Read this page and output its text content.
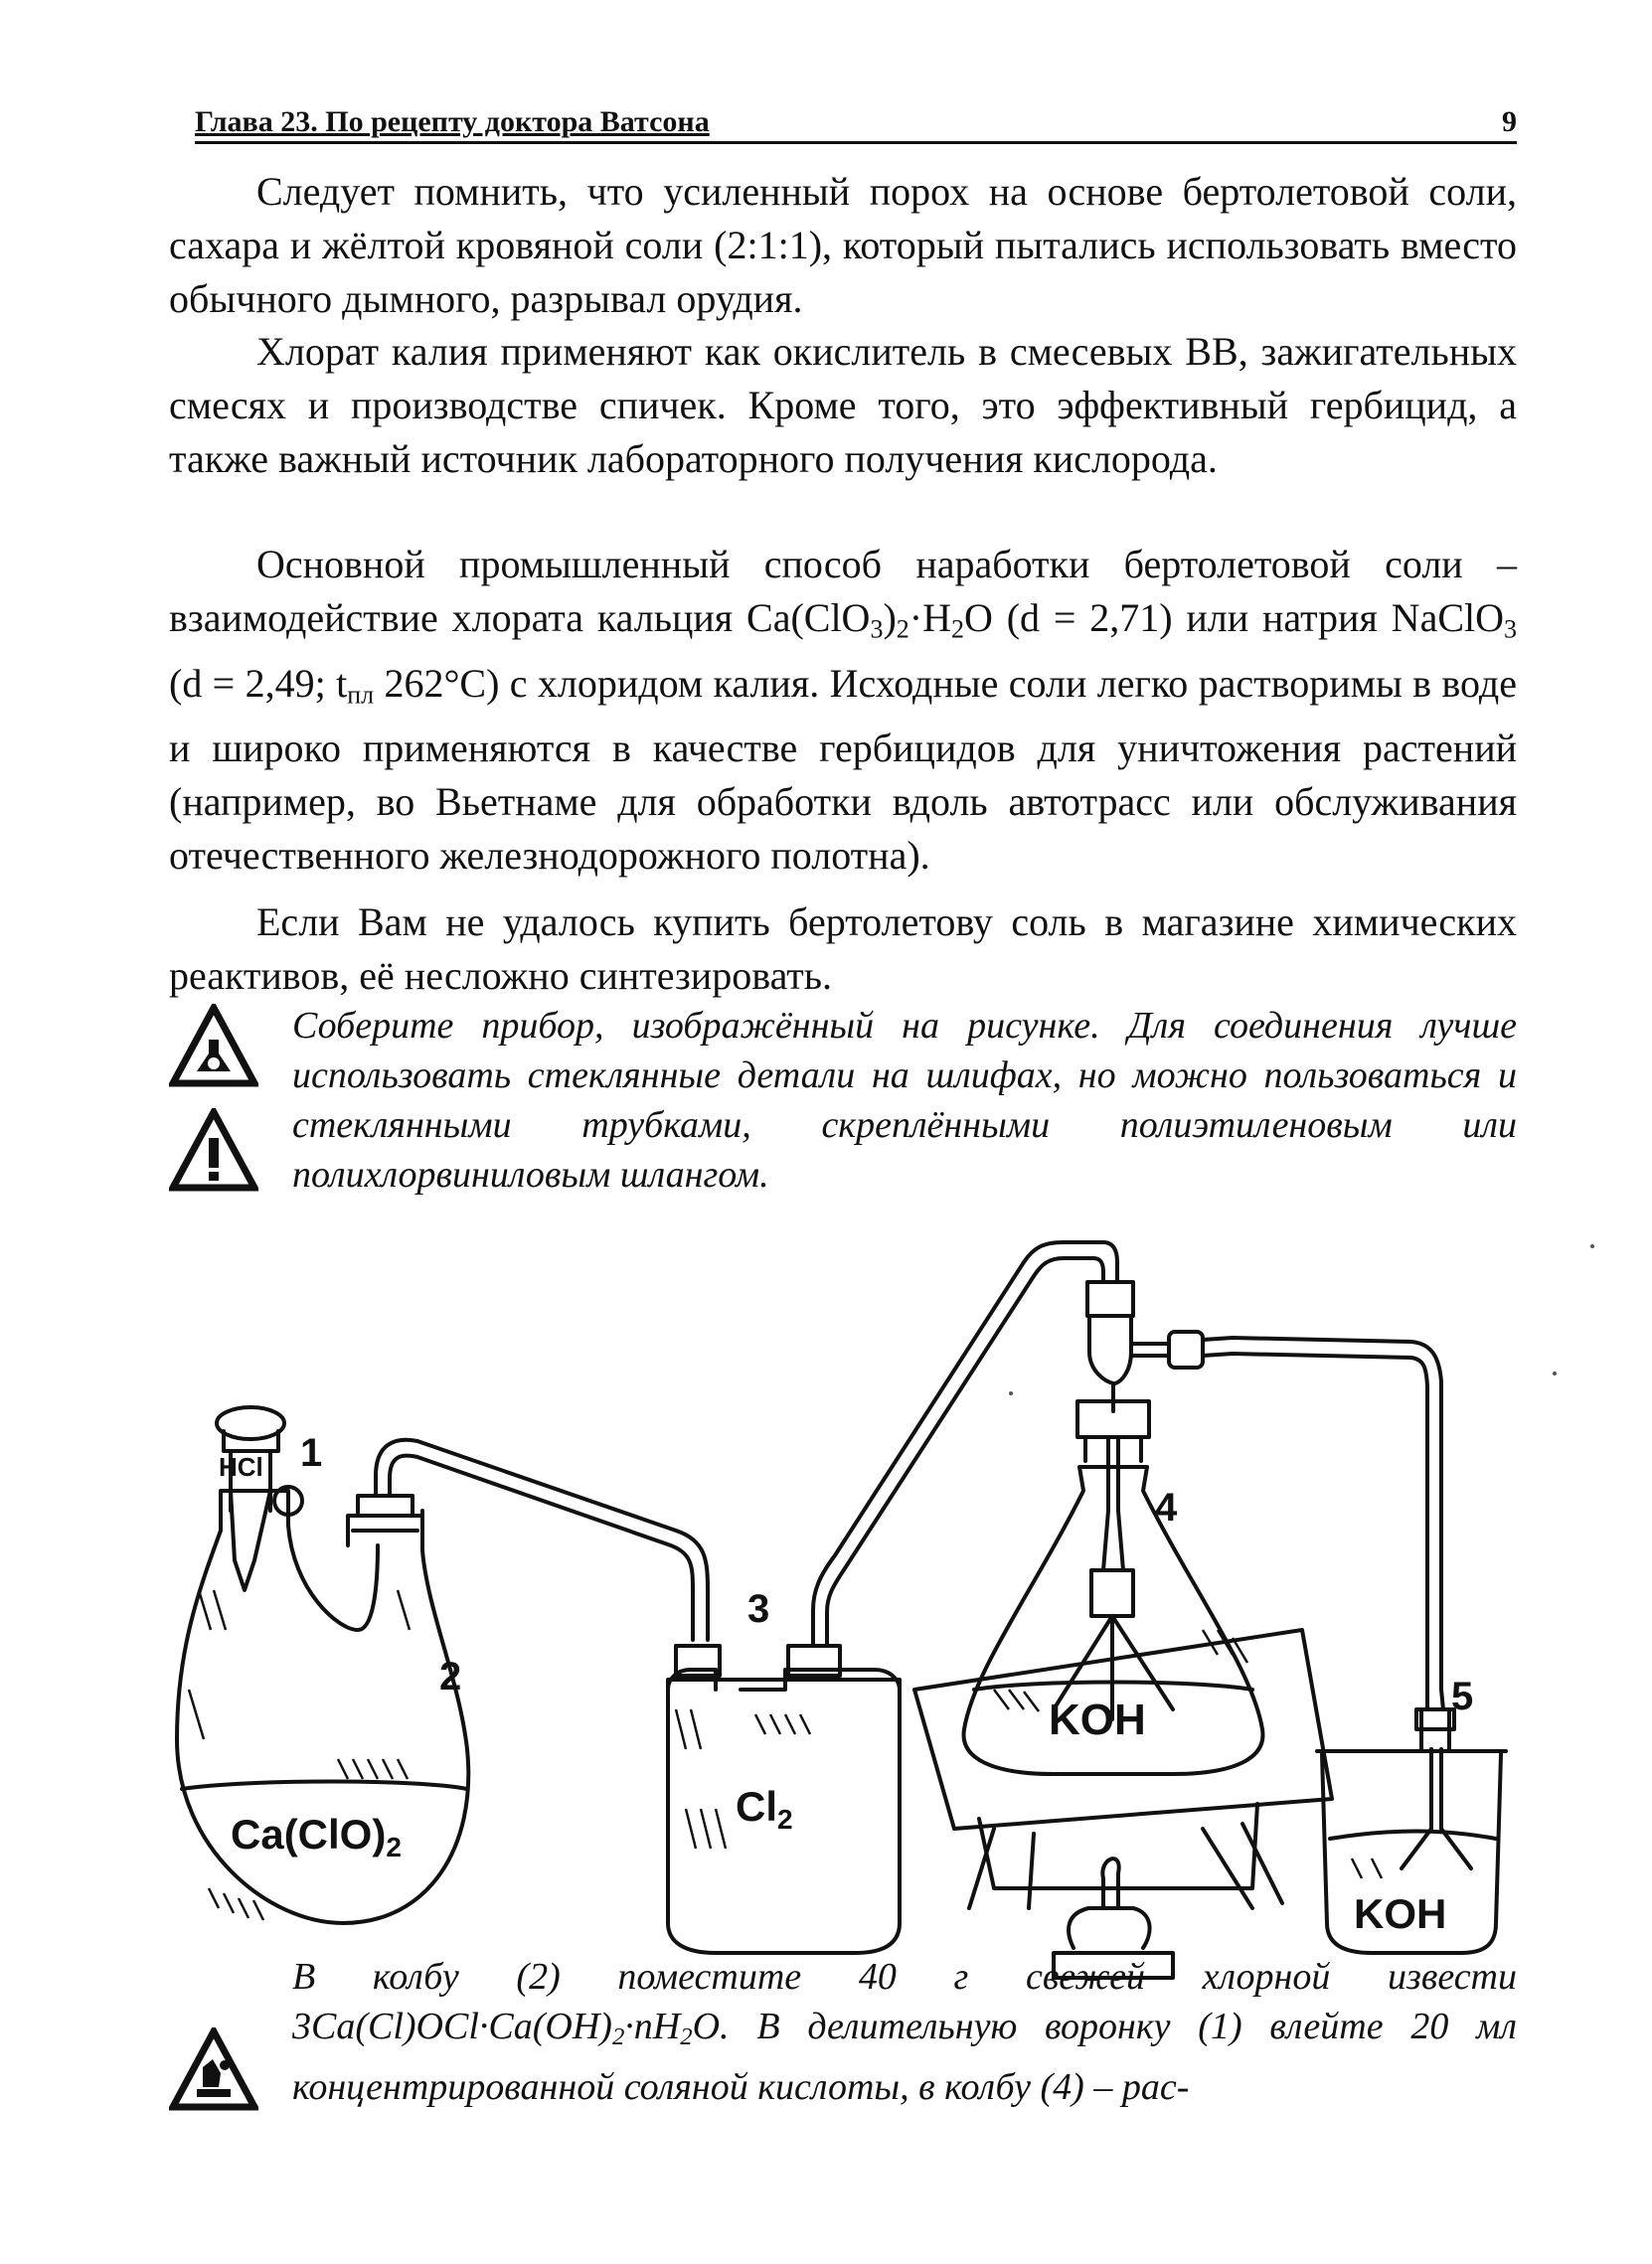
Глава 23. По рецепту доктора Ватсона	9

Следует помнить, что усиленный порох на основе бертолетовой соли, сахара и жёлтой кровяной соли (2:1:1), который пытались использовать вместо обычного дымного, разрывал орудия.

Хлорат калия применяют как окислитель в смесевых ВВ, зажигательных смесях и производстве спичек. Кроме того, это эффективный гербицид, а также важный источник лабораторного получения кислорода.

Основной промышленный способ наработки бертолетовой соли – взаимодействие хлората кальция $Ca(ClO_3)_2\cdot H_2O$ (d = 2,71) или натрия NaClO$_3$ (d = 2,49; $t_{пл}$ 262°C) с хлоридом калия. Исходные соли легко растворимы в воде и широко применяются в качестве гербицидов для уничтожения растений (например, во Вьетнаме для обработки вдоль автотрасс или обслуживания отечественного железнодорожного полотна).

Если Вам не удалось купить бертолетову соль в магазине химических реактивов, её несложно синтезировать.

Соберите прибор, изображённый на рисунке. Для соединения лучше использовать стеклянные детали на шлифах, но можно пользоваться и стеклянными трубками, скреплёнными полиэтиленовым или полихлорвиниловым шлангом.
1
2
3
4
5
HCl
Ca(ClO)2
Cl2
KOH
KOH
В колбу (2) поместите 40 г свежей хлорной извести $3Ca(Cl)OCl\cdot Ca(OH)_2\cdot nH_2O$. В делительную воронку (1) влейте 20 мл концентрированной соляной кислоты, в колбу (4) – рас-
